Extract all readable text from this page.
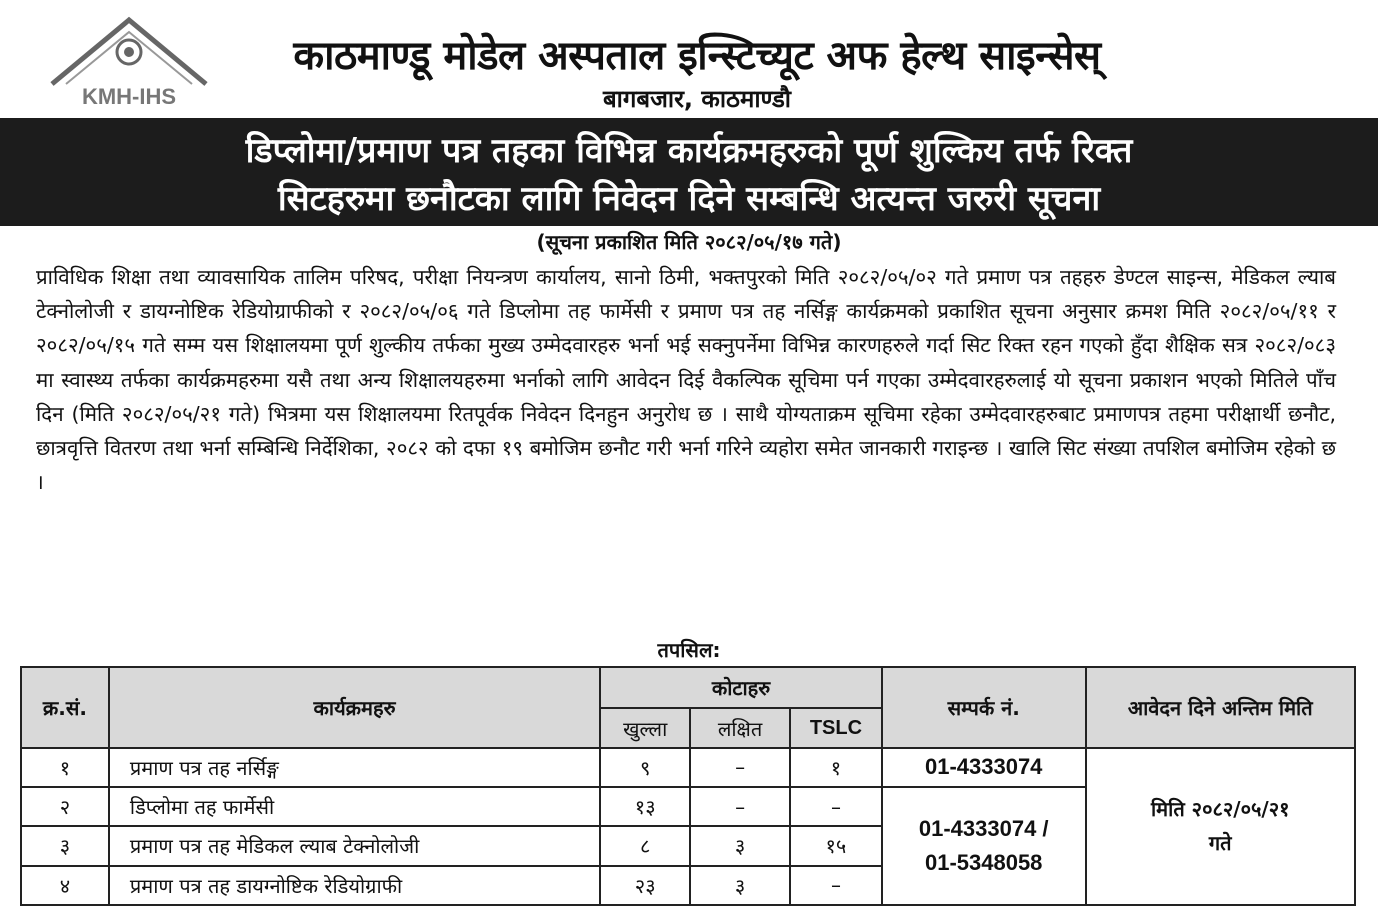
KMH-IHS
काठमाण्डू मोडेल अस्पताल इन्स्टिच्यूट अफ हेल्थ साइन्सेस्
बागबजार, काठमाण्डौ
डिप्लोमा/प्रमाण पत्र तहका विभिन्न कार्यक्रमहरुको पूर्ण शुल्किय तर्फ रिक्त
सिटहरुमा छनौटका लागि निवेदन दिने सम्बन्धि अत्यन्त जरुरी सूचना
(सूचना प्रकाशित मिति २०८२/०५/१७ गते)
प्राविधिक शिक्षा तथा व्यावसायिक तालिम परिषद, परीक्षा नियन्त्रण कार्यालय, सानो ठिमी, भक्तपुरको मिति २०८२/०५/०२ गते प्रमाण पत्र तहहरु डेण्टल साइन्स, मेडिकल ल्याब टेक्नोलोजी र डायग्नोष्टिक रेडियोग्राफीको र २०८२/०५/०६ गते डिप्लोमा तह फार्मेसी र प्रमाण पत्र तह नर्सिङ्ग कार्यक्रमको प्रकाशित सूचना अनुसार क्रमश मिति २०८२/०५/११ र २०८२/०५/१५ गते सम्म यस शिक्षालयमा पूर्ण शुल्कीय तर्फका मुख्य उम्मेदवारहरु भर्ना भई सक्नुपर्नेमा विभिन्न कारणहरुले गर्दा सिट रिक्त रहन गएको हुँदा शैक्षिक सत्र २०८२/०८३ मा स्वास्थ्य तर्फका कार्यक्रमहरुमा यसै तथा अन्य शिक्षालयहरुमा भर्नाको लागि आवेदन दिई वैकल्पिक सूचिमा पर्न गएका उम्मेदवारहरुलाई यो सूचना प्रकाशन भएको मितिले पाँच दिन (मिति २०८२/०५/२१ गते) भित्रमा यस शिक्षालयमा रितपूर्वक निवेदन दिनहुन अनुरोध छ । साथै योग्यताक्रम सूचिमा रहेका उम्मेदवारहरुबाट प्रमाणपत्र तहमा परीक्षार्थी छनौट, छात्रवृत्ति वितरण तथा भर्ना सम्बिन्धि निर्देशिका, २०८२ को दफा १९ बमोजिम छनौट गरी भर्ना गरिने व्यहोरा समेत जानकारी गराइन्छ । खालि सिट संख्या तपशिल बमोजिम रहेको छ ।
तपसिल:
क्र.सं.	कार्यक्रमहरु	कोटाहरु			सम्पर्क नं.	आवेदन दिने अन्तिम मिति
		खुल्ला	लक्षित	TSLC		
१	प्रमाण पत्र तह नर्सिङ्ग	९	–	१	01-4333074	मिति २०८२/०५/२१
गते

२	डिप्लोमा तह फार्मेसी	१३	–	–	01-4333074 /
01-5348058	

३	प्रमाण पत्र तह मेडिकल ल्याब टेक्नोलोजी	८	३	१५		
४	प्रमाण पत्र तह डायग्नोष्टिक रेडियोग्राफी	२३	३	–		
